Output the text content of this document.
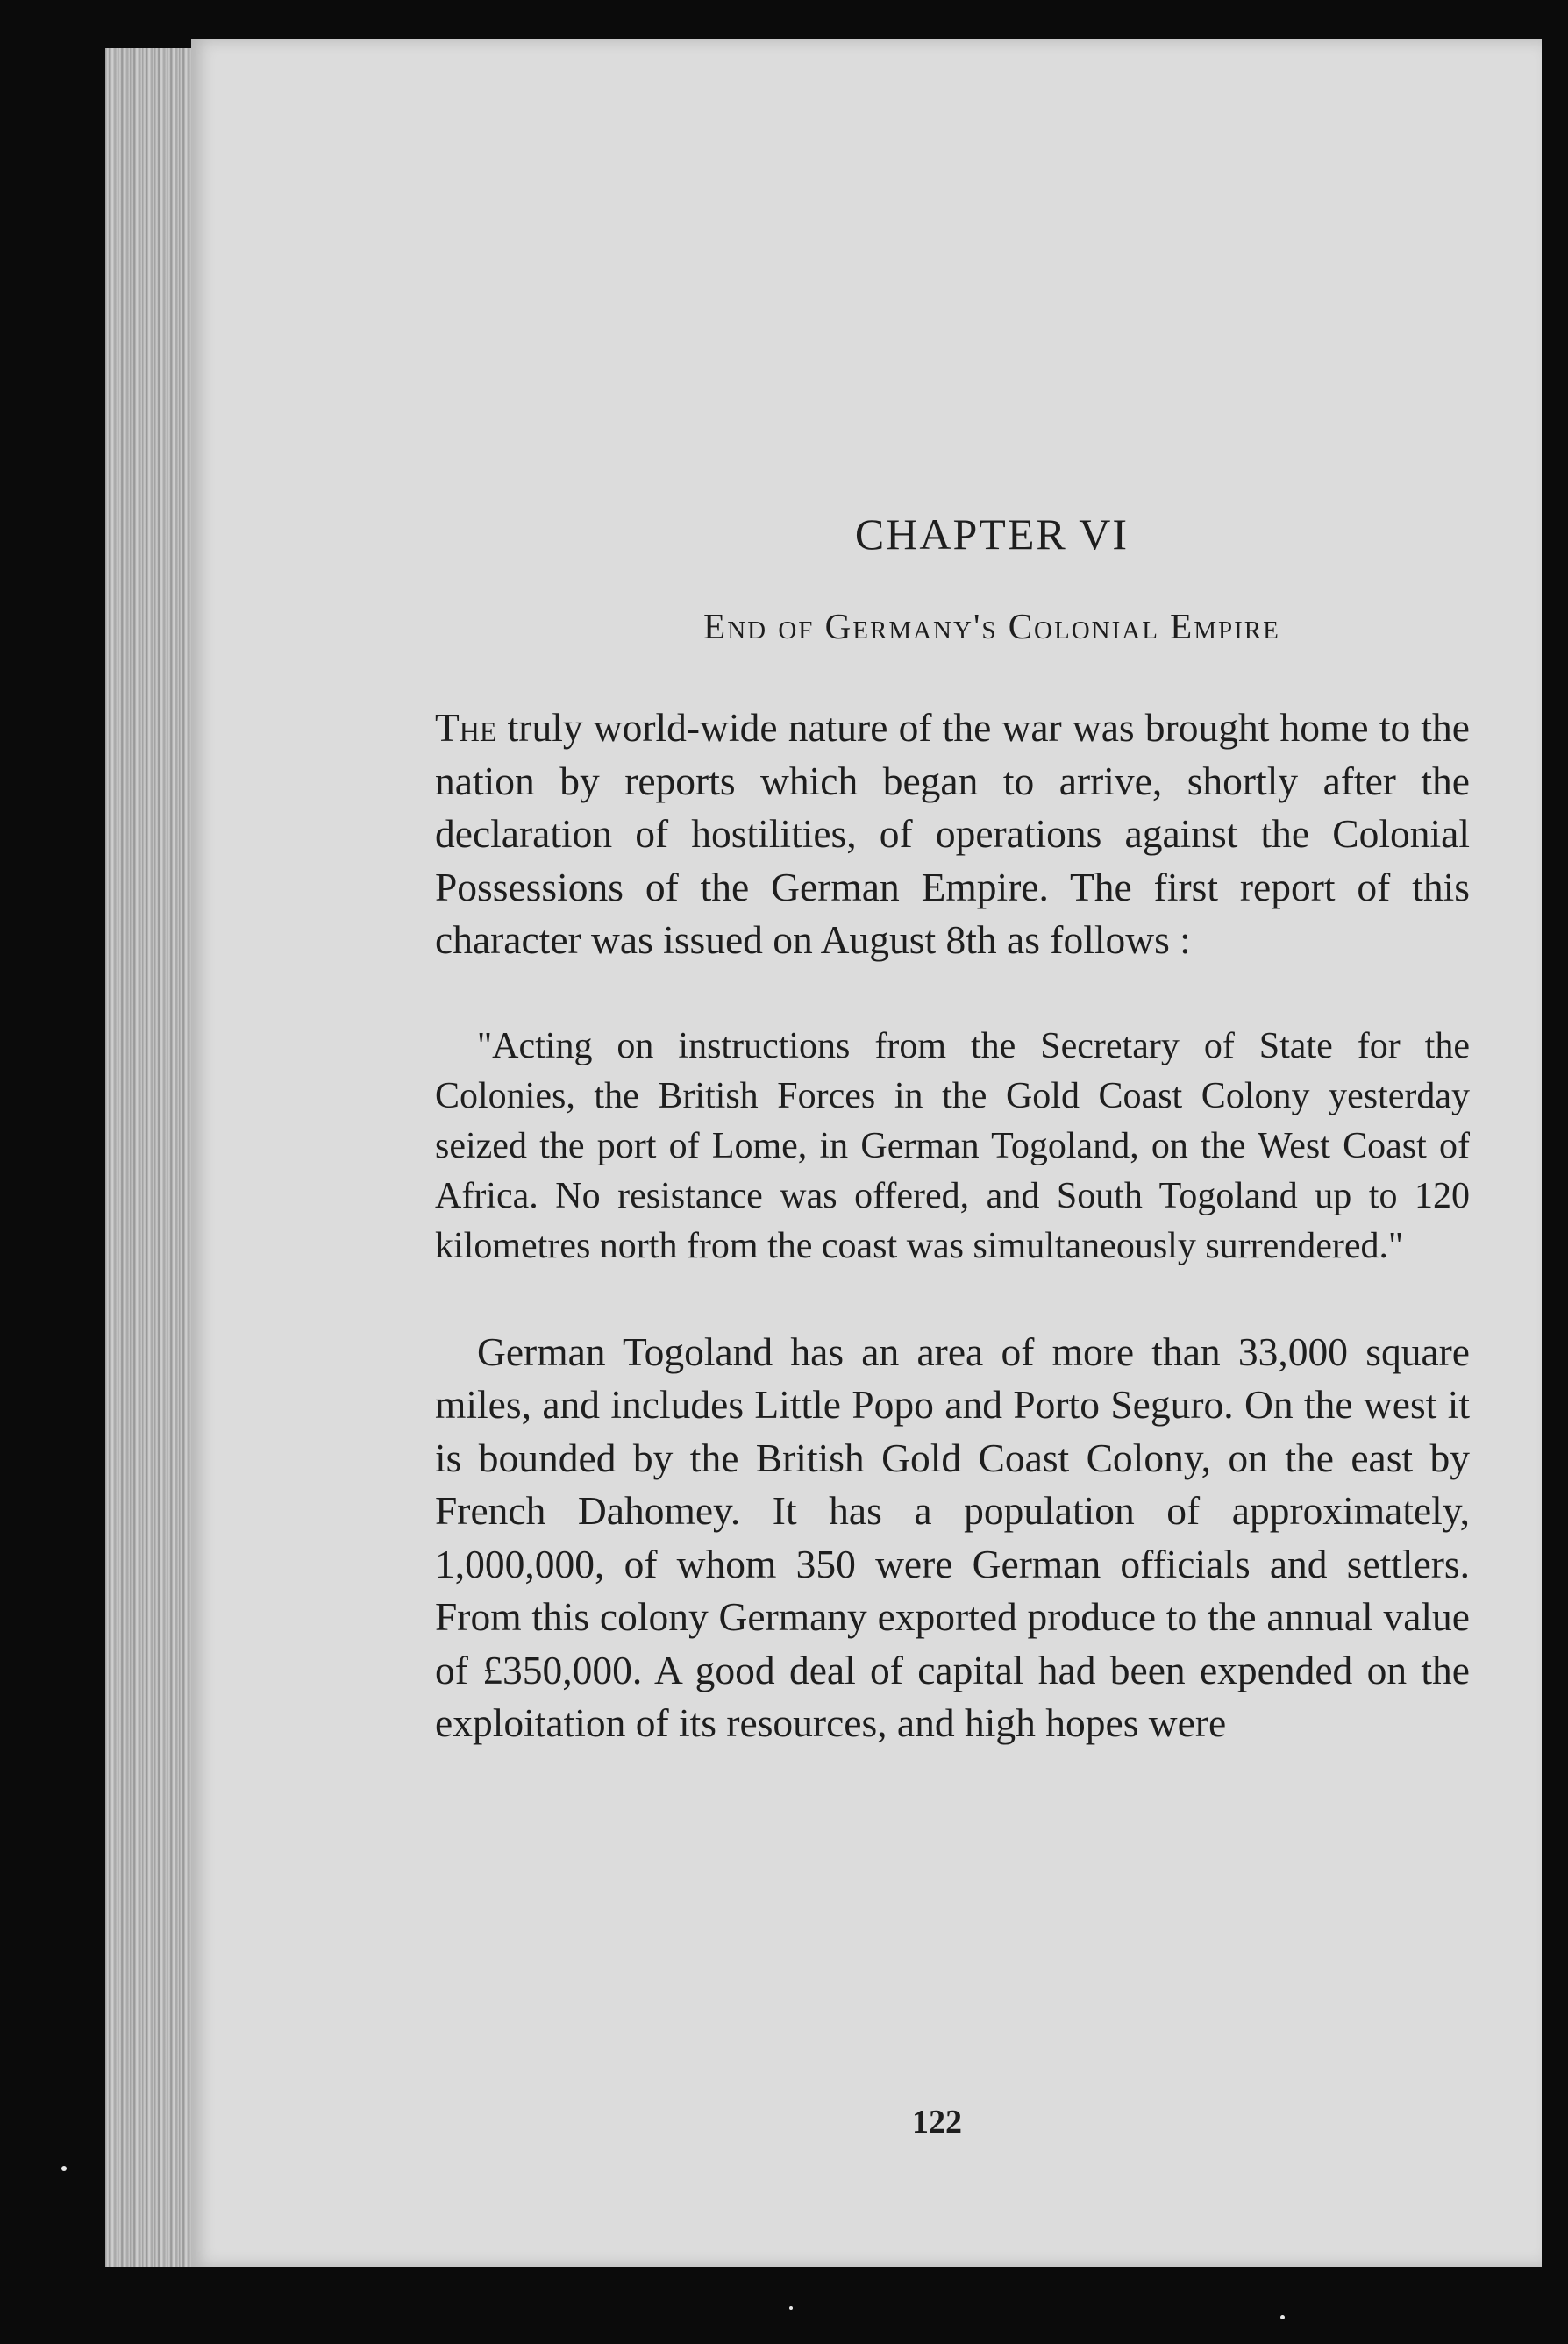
CHAPTER VI
End of Germany's Colonial Empire

The truly world-wide nature of the war was brought home to the nation by reports which began to arrive, shortly after the declaration of hostilities, of operations against the Colonial Possessions of the German Empire. The first report of this character was issued on August 8th as follows :

"Acting on instructions from the Secretary of State for the Colonies, the British Forces in the Gold Coast Colony yesterday seized the port of Lome, in German Togoland, on the West Coast of Africa. No resistance was offered, and South Togoland up to 120 kilometres north from the coast was simultaneously surrendered."

German Togoland has an area of more than 33,000 square miles, and includes Little Popo and Porto Seguro. On the west it is bounded by the British Gold Coast Colony, on the east by French Dahomey. It has a population of approximately, 1,000,000, of whom 350 were German officials and settlers. From this colony Germany exported produce to the annual value of £350,000. A good deal of capital had been expended on the exploitation of its resources, and high hopes were

122
